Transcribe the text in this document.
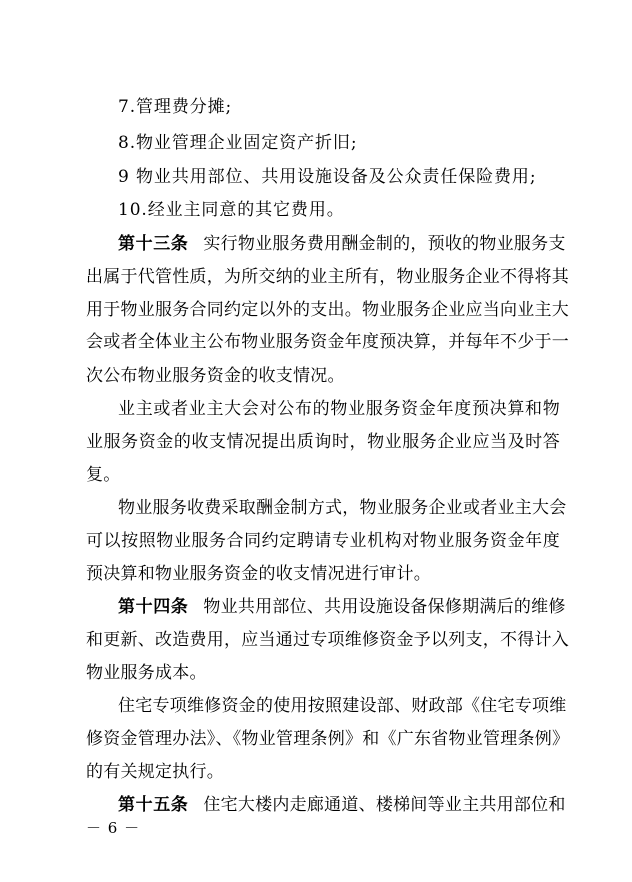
7.管理费分摊;
8.物业管理企业固定资产折旧;
9 物业共用部位、共用设施设备及公众责任保险费用;
10.经业主同意的其它费用。
第十三条 实行物业服务费用酬金制的，预收的物业服务支
出属于代管性质，为所交纳的业主所有，物业服务企业不得将其
用于物业服务合同约定以外的支出。物业服务企业应当向业主大
会或者全体业主公布物业服务资金年度预决算，并每年不少于一
次公布物业服务资金的收支情况。
业主或者业主大会对公布的物业服务资金年度预决算和物
业服务资金的收支情况提出质询时，物业服务企业应当及时答
复。
物业服务收费采取酬金制方式，物业服务企业或者业主大会
可以按照物业服务合同约定聘请专业机构对物业服务资金年度
预决算和物业服务资金的收支情况进行审计。
第十四条 物业共用部位、共用设施设备保修期满后的维修
和更新、改造费用，应当通过专项维修资金予以列支，不得计入
物业服务成本。
住宅专项维修资金的使用按照建设部、财政部《住宅专项维
修资金管理办法》、《物业管理条例》和《广东省物业管理条例》
的有关规定执行。
第十五条 住宅大楼内走廊通道、楼梯间等业主共用部位和
－ 6 －
